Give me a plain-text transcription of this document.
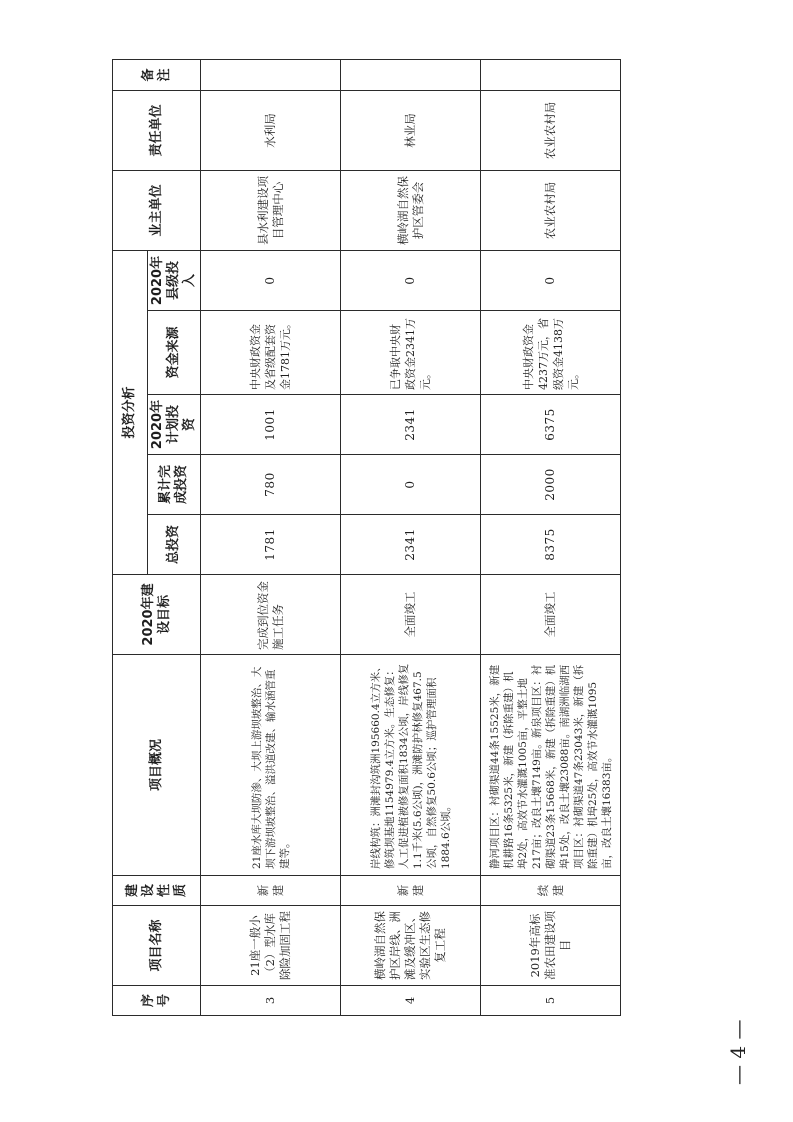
序号	项目名称	建设性质	项目概况	2020年建设目标	投资分析					业主单位	责任单位	备注
					总投资	累计完成投资	2020年计划投资	资金来源	2020年县级投入			
3	21座一般小（2）型水库除险加固工程	新建	21座水库大坝防渗、大坝上游坝坡整治、大坝下游坝坡整治、溢洪道改建、输水涵管重建等。	完成到位资金施工任务	1781	780	1001	中央财政资金及省级配套资金1781万元。	0	县水利建设项目管理中心	水利局	
4	横岭湖自然保护区岸线、洲滩及缓冲区、实验区生态修复工程	新建	岸线构筑：洲滩封沟筑洲195660.4立方米、修筑坝基地1154979.4立方米。生态修复：人工促进植被修复面积1834公顷，岸线修复1.1千米(5.6公顷)，洲滩防护林修复467.5公顷，自然修复50.6公顷；巡护管理面积1884.6公顷。	全面竣工	2341	0	2341	已争取中央财政资金2341万元。	0	横岭湖自然保护区管委会	林业局	
5	2019年高标准农田建设项目	续建	静河项目区：衬砌渠道44条15525米，新建机耕路16条5325米，新建（拆除重建）机埠2处，高效节水灌溉1005亩，平整土地217亩；改良土壤7149亩。新泉项目区：衬砌渠道23条15668米，新建（拆除重建）机埠15处，改良土壤23088亩。南湖洲临湖西项目区：衬砌渠道47条23043米，新建（拆除重建）机埠25处，高效节水灌溉1095亩，改良土壤16383亩。	全面竣工	8375	2000	6375	中央财政资金4237万元，省级资金4138万元。	0	农业农村局	农业农村局	
— 4 —
